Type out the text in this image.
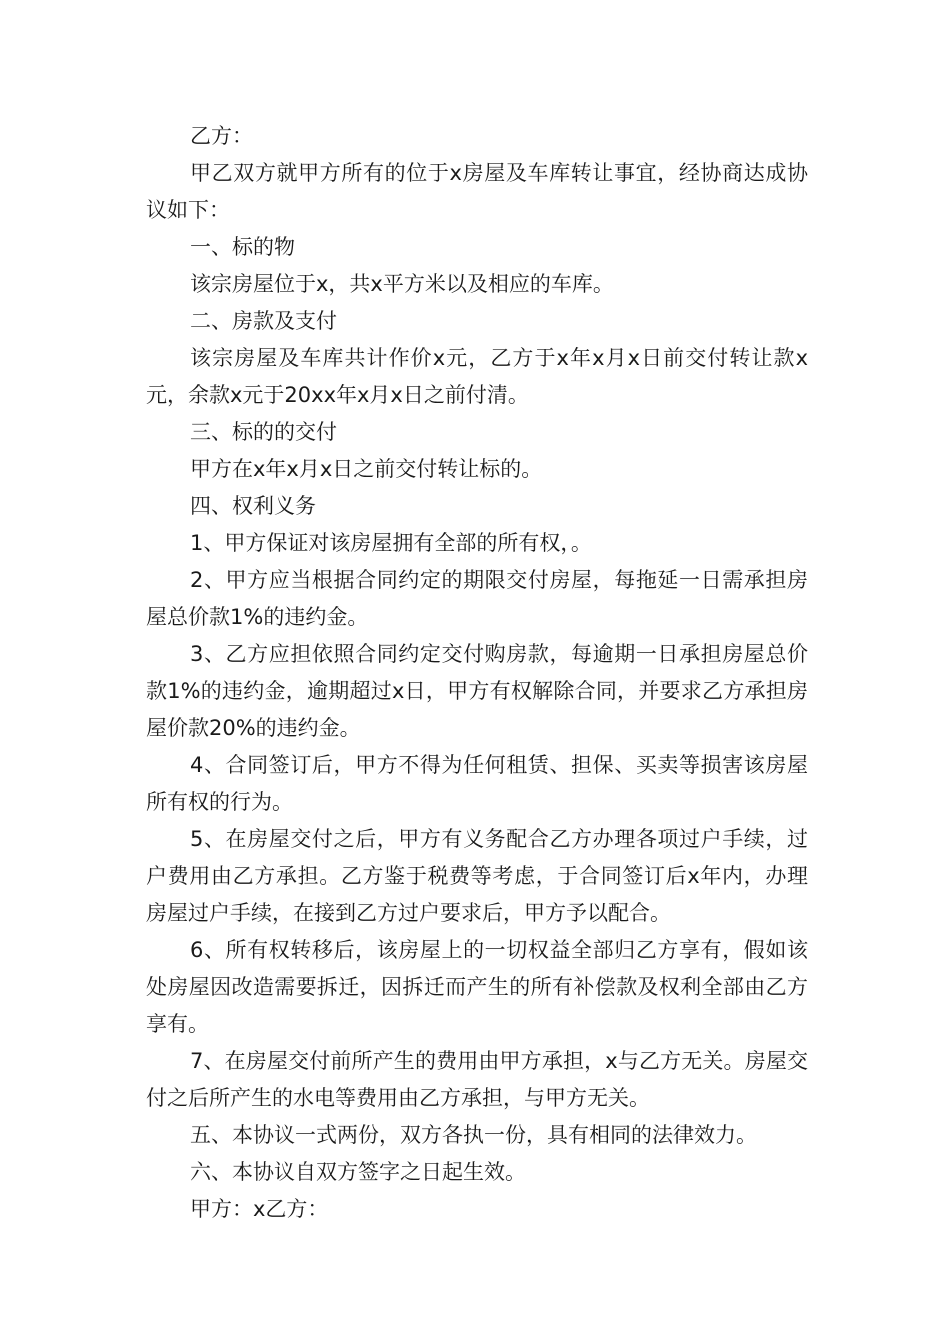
乙方：

甲乙双方就甲方所有的位于x房屋及车库转让事宜，经协商达成协议如下：

一、标的物

该宗房屋位于x，共x平方米以及相应的车库。

二、房款及支付

该宗房屋及车库共计作价x元，乙方于x年x月x日前交付转让款x元，余款x元于20xx年x月x日之前付清。

三、标的的交付

甲方在x年x月x日之前交付转让标的。

四、权利义务

1、甲方保证对该房屋拥有全部的所有权，。

2、甲方应当根据合同约定的期限交付房屋，每拖延一日需承担房屋总价款1%的违约金。

3、乙方应担依照合同约定交付购房款，每逾期一日承担房屋总价款1%的违约金，逾期超过x日，甲方有权解除合同，并要求乙方承担房屋价款20%的违约金。

4、合同签订后，甲方不得为任何租赁、担保、买卖等损害该房屋所有权的行为。

5、在房屋交付之后，甲方有义务配合乙方办理各项过户手续，过户费用由乙方承担。乙方鉴于税费等考虑，于合同签订后x年内，办理房屋过户手续，在接到乙方过户要求后，甲方予以配合。

6、所有权转移后，该房屋上的一切权益全部归乙方享有，假如该处房屋因改造需要拆迁，因拆迁而产生的所有补偿款及权利全部由乙方享有。

7、在房屋交付前所产生的费用由甲方承担，x与乙方无关。房屋交付之后所产生的水电等费用由乙方承担，与甲方无关。

五、本协议一式两份，双方各执一份，具有相同的法律效力。

六、本协议自双方签字之日起生效。

甲方：x乙方：
